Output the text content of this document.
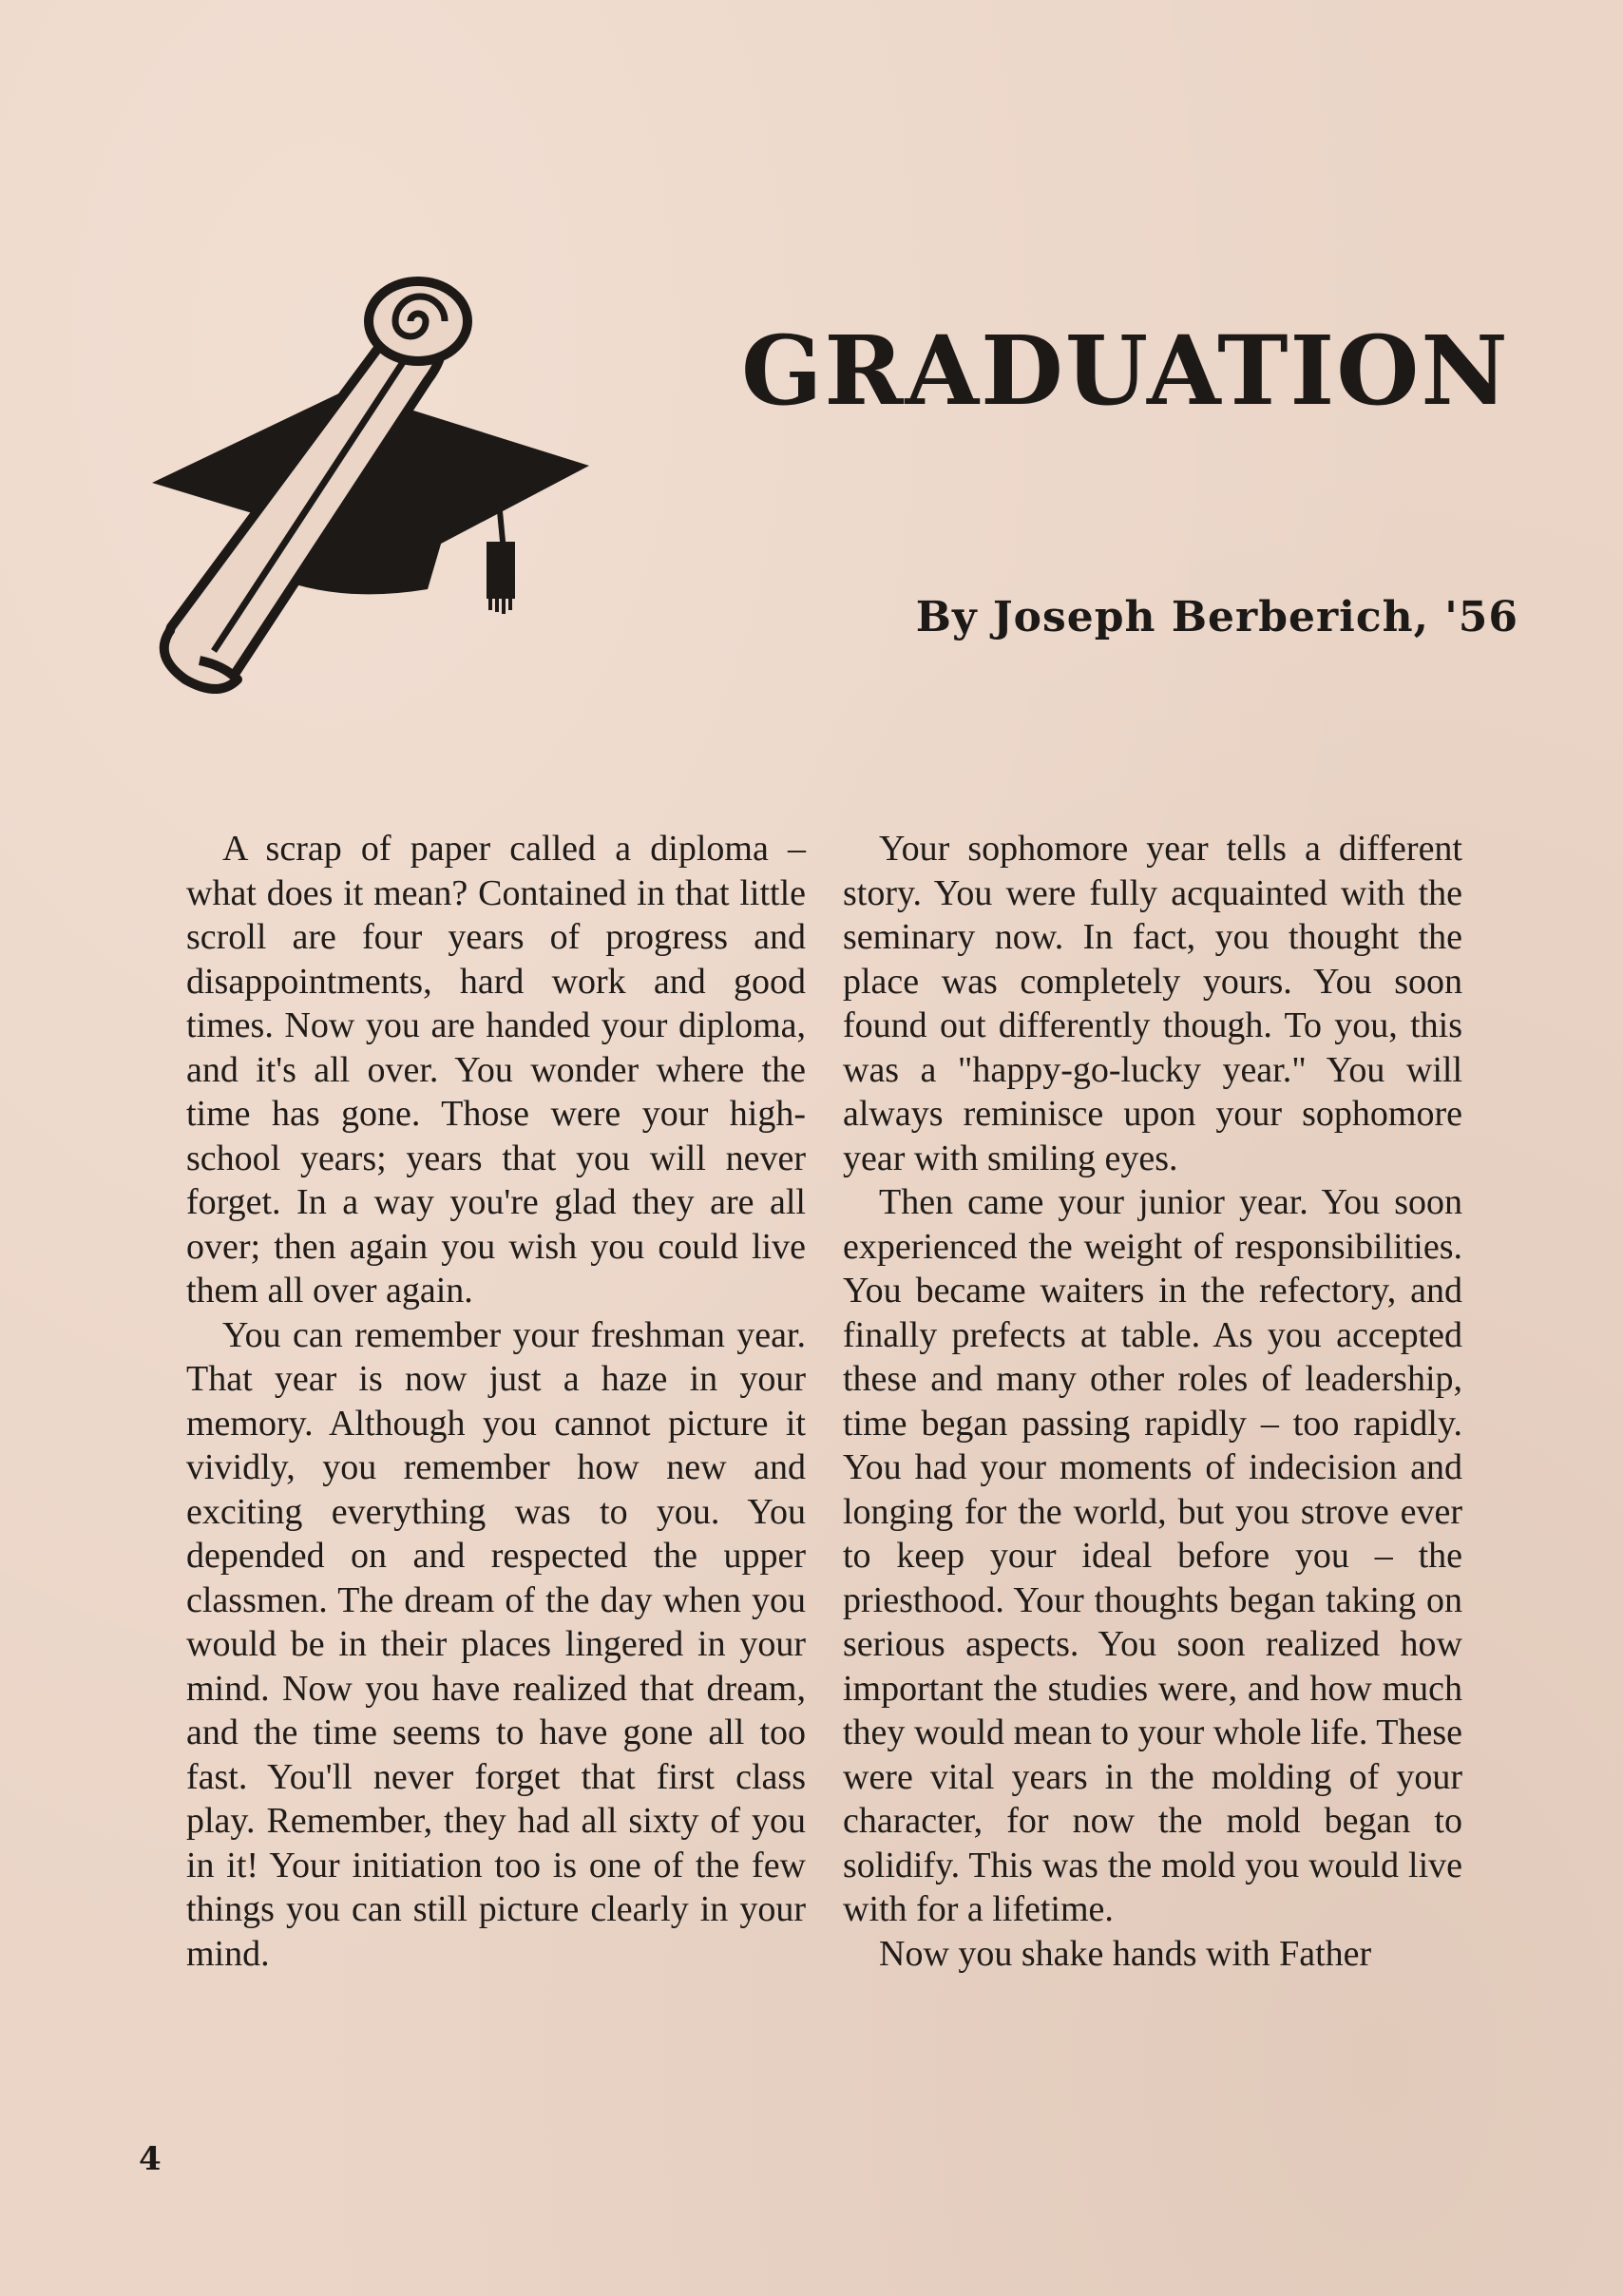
GRADUATION
By Joseph Berberich, '56

A scrap of paper called a diploma – what does it mean? Contained in that little scroll are four years of progress and disappointments, hard work and good times. Now you are handed your diploma, and it's all over. You wonder where the time has gone. Those were your high-school years; years that you will never forget. In a way you're glad they are all over; then again you wish you could live them all over again.

You can remember your freshman year. That year is now just a haze in your memory. Although you cannot picture it vividly, you remember how new and exciting everything was to you. You depended on and respected the upper classmen. The dream of the day when you would be in their places lingered in your mind. Now you have realized that dream, and the time seems to have gone all too fast. You'll never forget that first class play. Remember, they had all sixty of you in it! Your initiation too is one of the few things you can still picture clearly in your mind.

Your sophomore year tells a different story. You were fully acquainted with the seminary now. In fact, you thought the place was completely yours. You soon found out differently though. To you, this was a "happy-go-lucky year." You will always reminisce upon your sophomore year with smiling eyes.

Then came your junior year. You soon experienced the weight of responsibilities. You became waiters in the refectory, and finally prefects at table. As you accepted these and many other roles of leadership, time began passing rapidly – too rapidly. You had your moments of indecision and longing for the world, but you strove ever to keep your ideal before you – the priesthood. Your thoughts began taking on serious aspects. You soon realized how important the studies were, and how much they would mean to your whole life. These were vital years in the molding of your character, for now the mold began to solidify. This was the mold you would live with for a lifetime.

Now you shake hands with Father

4
